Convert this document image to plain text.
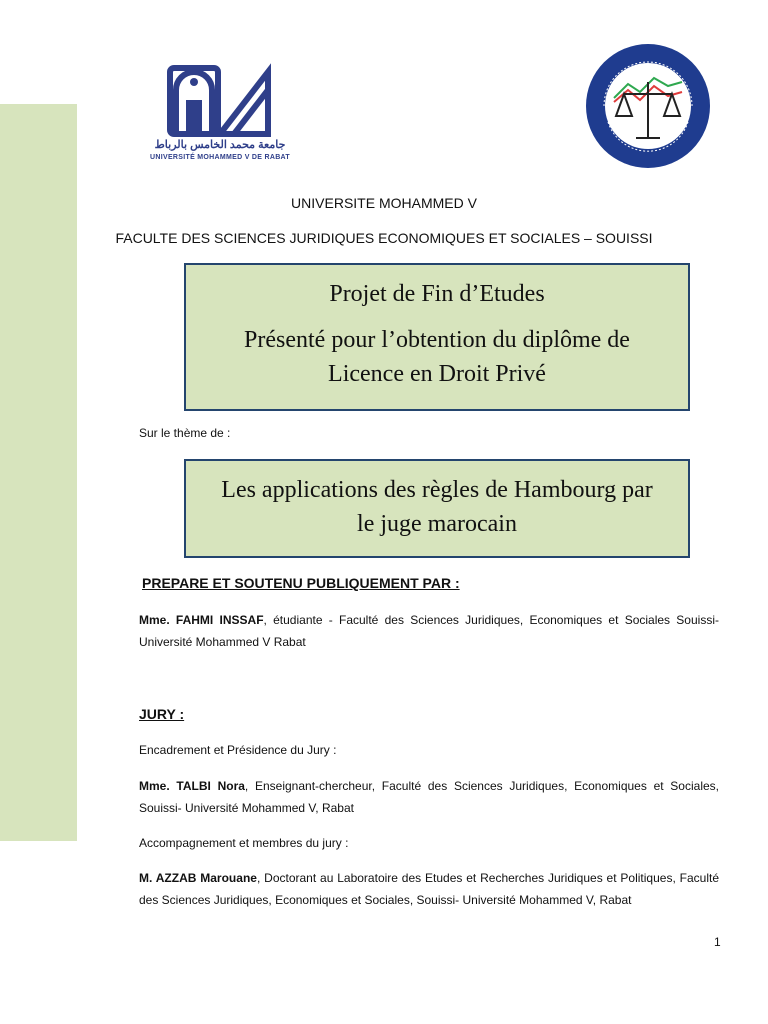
جامعة محمد الخامس بالرباط
UNIVERSITÉ MOHAMMED V DE RABAT
UNIVERSITE MOHAMMED V
FACULTE DES SCIENCES JURIDIQUES ECONOMIQUES ET SOCIALES – SOUISSI

Projet de Fin d’Etudes

Présenté pour l’obtention du diplôme de

Licence en Droit Privé

Sur le thème de :

Les applications des règles de Hambourg par

le juge marocain

PREPARE ET SOUTENU PUBLIQUEMENT PAR :
Mme. FAHMI INSSAF, étudiante - Faculté des Sciences Juridiques, Economiques et Sociales Souissi- Université Mohammed V Rabat
JURY :
Encadrement et Présidence du Jury :
Mme. TALBI Nora, Enseignant-chercheur, Faculté des Sciences Juridiques, Economiques et Sociales, Souissi- Université Mohammed V, Rabat
Accompagnement et membres du jury :
M. AZZAB Marouane, Doctorant au Laboratoire des Etudes et Recherches Juridiques et Politiques, Faculté des Sciences Juridiques, Economiques et Sociales, Souissi- Université Mohammed V, Rabat
1
